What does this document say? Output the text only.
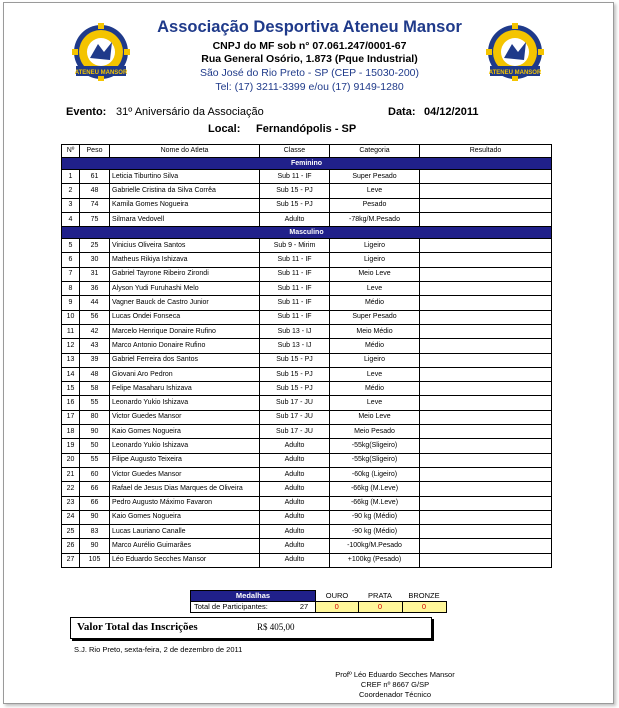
ATENEU MANSOR	ATENEU MANSOR
Associação Desportiva Ateneu Mansor
CNPJ do MF sob n° 07.061.247/0001-67
Rua General Osório, 1.873 (Pque Industrial)
São José do Rio Preto - SP (CEP - 15030-200)
Tel: (17) 3211-3399 e/ou (17) 9149-1280
Evento: 31º Aniversário da Associação	Data: 04/12/2011
Local: Fernandópolis - SP
Nº	Peso	Nome do Atleta	Classe	Categoria	Resultado
Feminino					
1	61	Leticia Tiburtino Silva	Sub 11 - IF	Super Pesado	
2	48	Gabrielle Cristina da Silva Corrêa	Sub 15 - PJ	Leve	
3	74	Kamila Gomes Nogueira	Sub 15 - PJ	Pesado	
4	75	Silmara Vedovell	Adulto	-78kg/M.Pesado	
Masculino					
5	25	Vinicius Oliveira Santos	Sub 9 - Mirim	Ligeiro	
6	30	Matheus Rikiya Ishizava	Sub 11 - IF	Ligeiro	
7	31	Gabriel Tayrone Ribeiro Zirondi	Sub 11 - IF	Meio Leve	
8	36	Alyson Yudi Furuhashi Melo	Sub 11 - IF	Leve	
9	44	Vagner Bauck de Castro Junior	Sub 11 - IF	Médio	
10	56	Lucas Ondei Fonseca	Sub 11 - IF	Super Pesado	
11	42	Marcelo Henrique Donaire Rufino	Sub 13 - IJ	Meio Médio	
12	43	Marco Antonio Donaire Rufino	Sub 13 - IJ	Médio	
13	39	Gabriel Ferreira dos Santos	Sub 15 - PJ	Ligeiro	
14	48	Giovani Aro Pedron	Sub 15 - PJ	Leve	
15	58	Felipe Masaharu Ishizava	Sub 15 - PJ	Médio	
16	55	Leonardo Yukio Ishizava	Sub 17 - JU	Leve	
17	80	Victor Guedes Mansor	Sub 17 - JU	Meio Leve	
18	90	Kaio Gomes Nogueira	Sub 17 - JU	Meio Pesado	
19	50	Leonardo Yukio Ishizava	Adulto	-55kg(Sligeiro)	
20	55	Filipe Augusto Teixeira	Adulto	-55kg(Sligeiro)	
21	60	Victor Guedes Mansor	Adulto	-60kg (Ligeiro)	
22	66	Rafael de Jesus Dias Marques de Oliveira	Adulto	-66kg (M.Leve)	
23	66	Pedro Augusto Máximo Favaron	Adulto	-66kg (M.Leve)	
24	90	Kaio Gomes Nogueira	Adulto	-90 kg (Médio)	
25	83	Lucas Lauriano Canalle	Adulto	-90 kg (Médio)	
26	90	Marco Aurélio Guimarães	Adulto	-100kg/M.Pesado	
27	105	Léo Eduardo Secches Mansor	Adulto	+100kg (Pesado)	
Medalhas		OURO	PRATA	BRONZE
Total de Participantes:	27	0	0	0
Valor Total das Inscrições	R$ 405,00
S.J. Rio Preto, sexta-feira, 2 de dezembro de 2011
Profº Léo Eduardo Secches Mansor
CREF nº 8667 G/SP
Coordenador Técnico
